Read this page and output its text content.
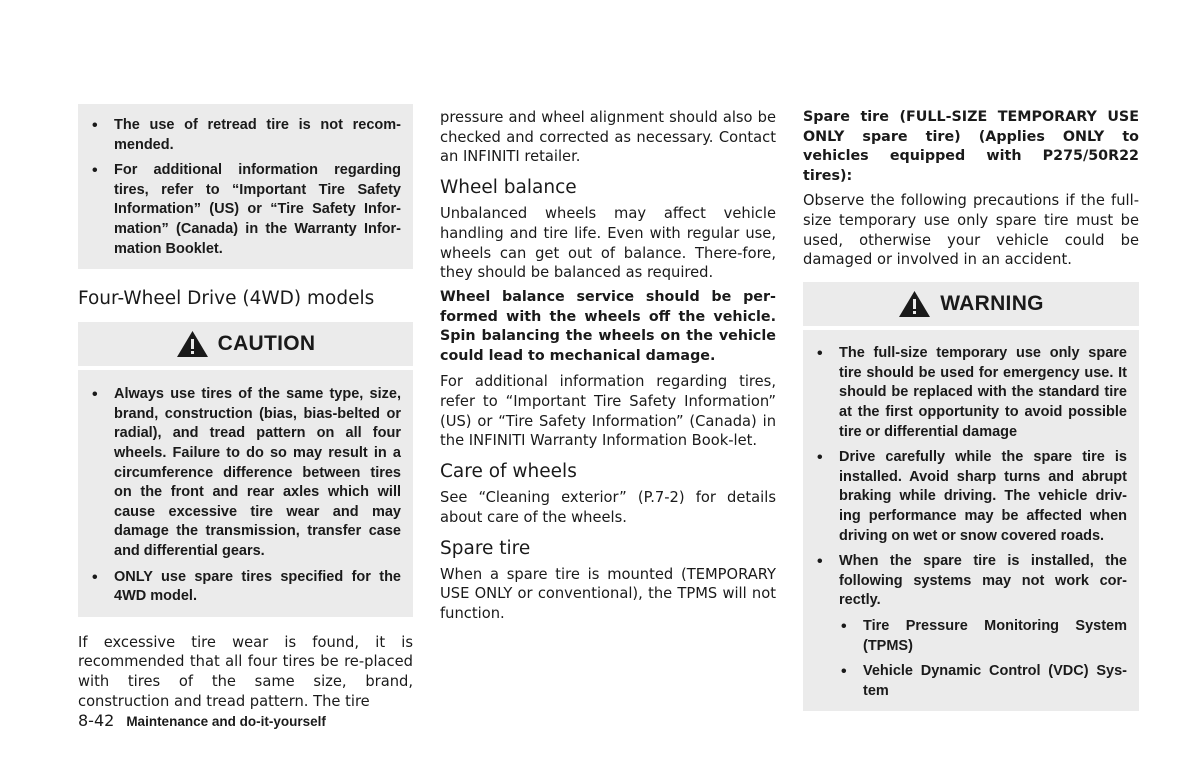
• The use of retread tire is not recom-mended.
• For additional information regarding tires, refer to “Important Tire Safety Information” (US) or “Tire Safety Infor-mation” (Canada) in the Warranty Infor-mation Booklet.
Four-Wheel Drive (4WD) models
CAUTION
• Always use tires of the same type, size, brand, construction (bias, bias-belted or radial), and tread pattern on all four wheels. Failure to do so may result in a circumference difference between tires on the front and rear axles which will cause excessive tire wear and may damage the transmission, transfer case and differential gears.
• ONLY use spare tires specified for the 4WD model.

If excessive tire wear is found, it is recommended that all four tires be re-placed with tires of the same size, brand, construction and tread pattern. The tire

pressure and wheel alignment should also be checked and corrected as necessary. Contact an INFINITI retailer.

Wheel balance

Unbalanced wheels may affect vehicle handling and tire life. Even with regular use, wheels can get out of balance. There-fore, they should be balanced as required.

Wheel balance service should be per-formed with the wheels off the vehicle. Spin balancing the wheels on the vehicle could lead to mechanical damage.

For additional information regarding tires, refer to “Important Tire Safety Information” (US) or “Tire Safety Information” (Canada) in the INFINITI Warranty Information Book-let.

Care of wheels

See “Cleaning exterior” (P.7-2) for details about care of the wheels.

Spare tire

When a spare tire is mounted (TEMPORARY USE ONLY or conventional), the TPMS will not function.

Spare tire (FULL-SIZE TEMPORARY USE ONLY spare tire) (Applies ONLY to vehicles equipped with P275/50R22 tires):

Observe the following precautions if the full-size temporary use only spare tire must be used, otherwise your vehicle could be damaged or involved in an accident.

WARNING
• The full-size temporary use only spare tire should be used for emergency use. It should be replaced with the standard tire at the first opportunity to avoid possible tire or differential damage
• Drive carefully while the spare tire is installed. Avoid sharp turns and abrupt braking while driving. The vehicle driv-ing performance may be affected when driving on wet or snow covered roads.
• When the spare tire is installed, the following systems may not work cor-rectly.
• Tire Pressure Monitoring System (TPMS)
• Vehicle Dynamic Control (VDC) Sys-tem
8-42 Maintenance and do-it-yourself
